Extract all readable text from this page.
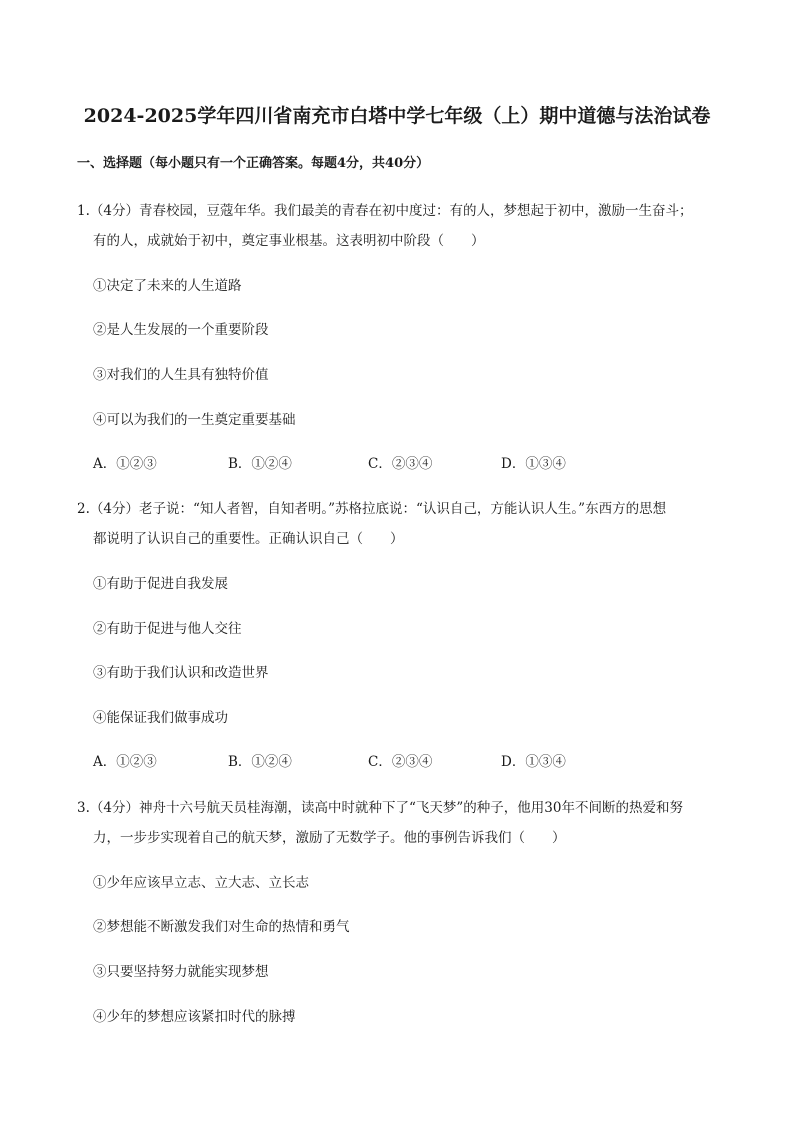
2024-2025学年四川省南充市白塔中学七年级（上）期中道德与法治试卷
一、选择题（每小题只有一个正确答案。每题4分，共40分）
1.（4分）青春校园，豆蔻年华。我们最美的青春在初中度过：有的人，梦想起于初中，激励一生奋斗；
有的人，成就始于初中，奠定事业根基。这表明初中阶段（　　）
①决定了未来的人生道路
②是人生发展的一个重要阶段
③对我们的人生具有独特价值
④可以为我们的一生奠定重要基础
A．①②③	B．①②④	C．②③④	D．①③④
2.（4分）老子说：“知人者智，自知者明。”苏格拉底说：“认识自己，方能认识人生。”东西方的思想
都说明了认识自己的重要性。正确认识自己（　　）
①有助于促进自我发展
②有助于促进与他人交往
③有助于我们认识和改造世界
④能保证我们做事成功
A．①②③	B．①②④	C．②③④	D．①③④
3.（4分）神舟十六号航天员桂海潮，读高中时就种下了“飞天梦”的种子，他用30年不间断的热爱和努
力，一步步实现着自己的航天梦，激励了无数学子。他的事例告诉我们（　　）
①少年应该早立志、立大志、立长志
②梦想能不断激发我们对生命的热情和勇气
③只要坚持努力就能实现梦想
④少年的梦想应该紧扣时代的脉搏
